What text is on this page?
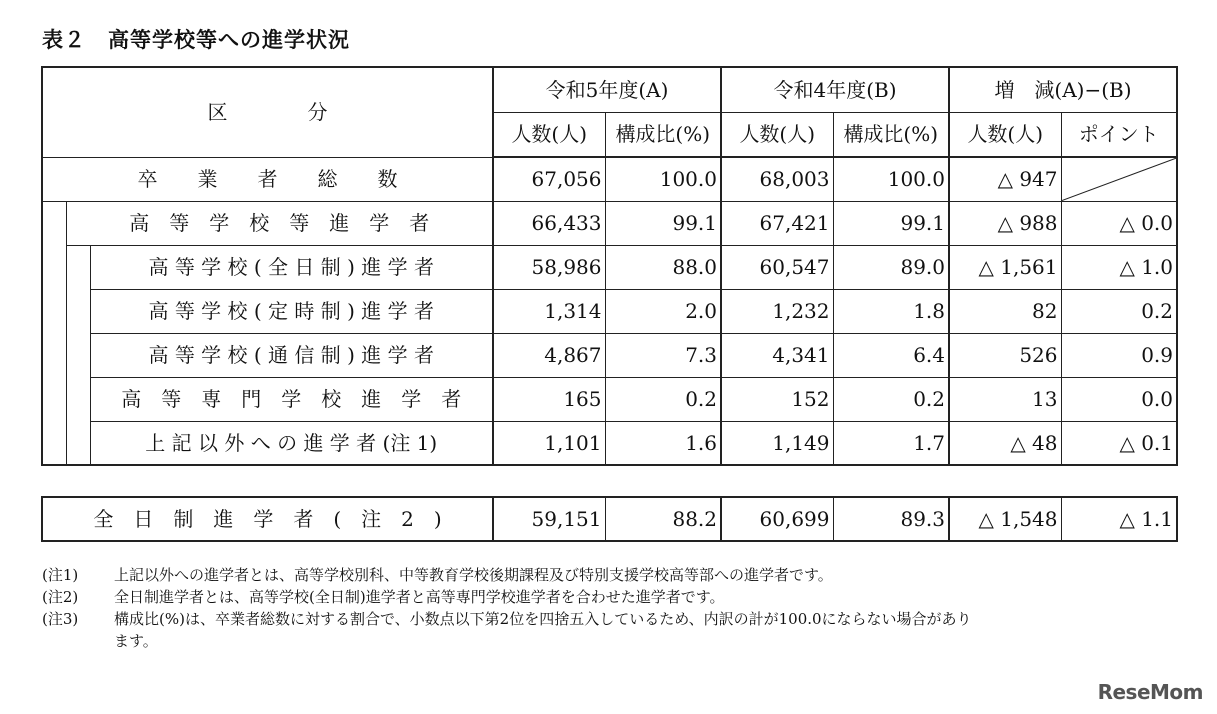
表２　高等学校等への進学状況
区　　　　分			令和5年度(A)		令和4年度(B)		増　減(A)−(B)	
			人数(人)	構成比(%)	人数(人)	構成比(%)	人数(人)	ポイント
卒　　業　　者　　総　　数			67,056	100.0	68,003	100.0	△ 947	

	高　等　学　校　等　進　学　者		66,433	99.1	67,421	99.1	△ 988	△ 0.0
		高 等 学 校 ( 全 日 制 ) 進 学 者	58,986	88.0	60,547	89.0	△ 1,561	△ 1.0
		高 等 学 校 ( 定 時 制 ) 進 学 者	1,314	2.0	1,232	1.8	82	0.2
		高 等 学 校 ( 通 信 制 ) 進 学 者	4,867	7.3	4,341	6.4	526	0.9
		高　等　専　門　学　校　進　学　者	165	0.2	152	0.2	13	0.0
		上 記 以 外 へ の 進 学 者 (注 1)	1,101	1.6	1,149	1.7	△ 48	△ 0.1
全　日　制　進　学　者　(　注　2　)	59,151	88.2	60,699	89.3	△ 1,548	△ 1.1
(注1)	上記以外への進学者とは、高等学校別科、中等教育学校後期課程及び特別支援学校高等部への進学者です。
(注2)	全日制進学者とは、高等学校(全日制)進学者と高等専門学校進学者を合わせた進学者です。
(注3)	構成比(%)は、卒業者総数に対する割合で、小数点以下第2位を四捨五入しているため、内訳の計が100.0にならない場合があり
ます。
ReseMom
